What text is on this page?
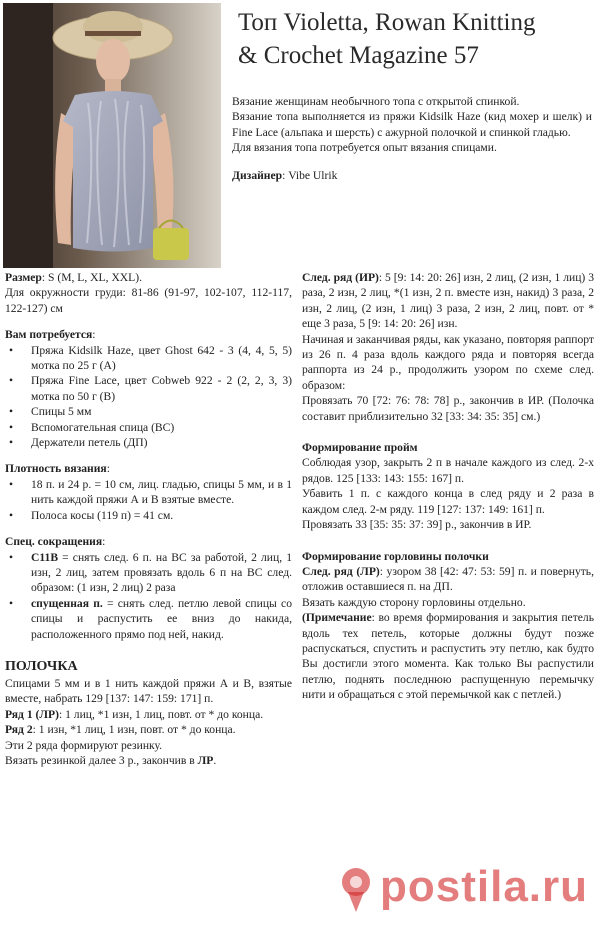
Топ Violetta, Rowan Knitting
& Crochet Magazine 57

Вязание женщинам необычного топа с открытой спинкой.

Вязание топа выполняется из пряжи Kidsilk Haze (кид мохер и шелк) и Fine Lace (альпака и шерсть) с ажурной полочкой и спинкой гладью.

Для вязания топа потребуется опыт вязания спицами.

Дизайнер: Vibe Ulrik

Размер: S (M, L, XL, XXL).

Для окружности груди: 81-86 (91-97, 102-107, 112-117, 122-127) см

Вам потребуется:

•	Пряжа Kidsilk Haze, цвет Ghost 642 - 3 (4, 4, 5, 5) мотка по 25 г (А)
•	Пряжа Fine Lace, цвет Cobweb 922 - 2 (2, 2, 3, 3) мотка по 50 г (В)
•	Спицы 5 мм
•	Вспомогательная спица (ВС)
•	Держатели петель (ДП)

Плотность вязания:

•	18 п. и 24 р. = 10 см, лиц. гладью, спицы 5 мм, и в 1 нить каждой пряжи А и В взятые вместе.
•	Полоса косы (119 п) = 41 см.

Спец. сокращения:

•	C11B = снять след. 6 п. на ВС за работой, 2 лиц, 1 изн, 2 лиц, затем провязать вдоль 6 п на ВС след. образом: (1 изн, 2 лиц) 2 раза
•	спущенная п. = снять след. петлю левой спицы со спицы и распустить ее вниз до накида, расположенного прямо под ней, накид.

ПОЛОЧКА

Спицами 5 мм и в 1 нить каждой пряжи А и В, взятые вместе, набрать 129 [137: 147: 159: 171] п.

Ряд 1 (ЛР): 1 лиц, *1 изн, 1 лиц, повт. от * до конца.

Ряд 2: 1 изн, *1 лиц, 1 изн, повт. от * до конца.

Эти 2 ряда формируют резинку.

Вязать резинкой далее 3 р., закончив в ЛР.

След. ряд (ИР): 5 [9: 14: 20: 26] изн, 2 лиц, (2 изн, 1 лиц) 3 раза, 2 изн, 2 лиц, *(1 изн, 2 п. вместе изн, накид) 3 раза, 2 изн, 2 лиц, (2 изн, 1 лиц) 3 раза, 2 изн, 2 лиц, повт. от * еще 3 раза, 5 [9: 14: 20: 26] изн.

Начиная и заканчивая ряды, как указано, повторяя раппорт из 26 п. 4 раза вдоль каждого ряда и повторяя всегда раппорта из 24 р., продолжить узором по схеме след. образом:

Провязать 70 [72: 76: 78: 78] р., закончив в ИР. (Полочка составит приблизительно 32 [33: 34: 35: 35] см.)

Формирование пройм

Соблюдая узор, закрыть 2 п в начале каждого из след. 2-х рядов. 125 [133: 143: 155: 167] п.

Убавить 1 п. с каждого конца в след ряду и 2 раза в каждом след. 2-м ряду. 119 [127: 137: 149: 161] п.

Провязать 33 [35: 35: 37: 39] р., закончив в ИР.

Формирование горловины полочки

След. ряд (ЛР): узором 38 [42: 47: 53: 59] п. и повернуть, отложив оставшиеся п. на ДП.

Вязать каждую сторону горловины отдельно.

(Примечание: во время формирования и закрытия петель вдоль тех петель, которые должны будут позже распускаться, спустить и распустить эту петлю, как будто Вы достигли этого момента. Как только Вы распустили петлю, поднять последнюю распущенную перемычку нити и обращаться с этой перемычкой как с петлей.)

postila.ru
